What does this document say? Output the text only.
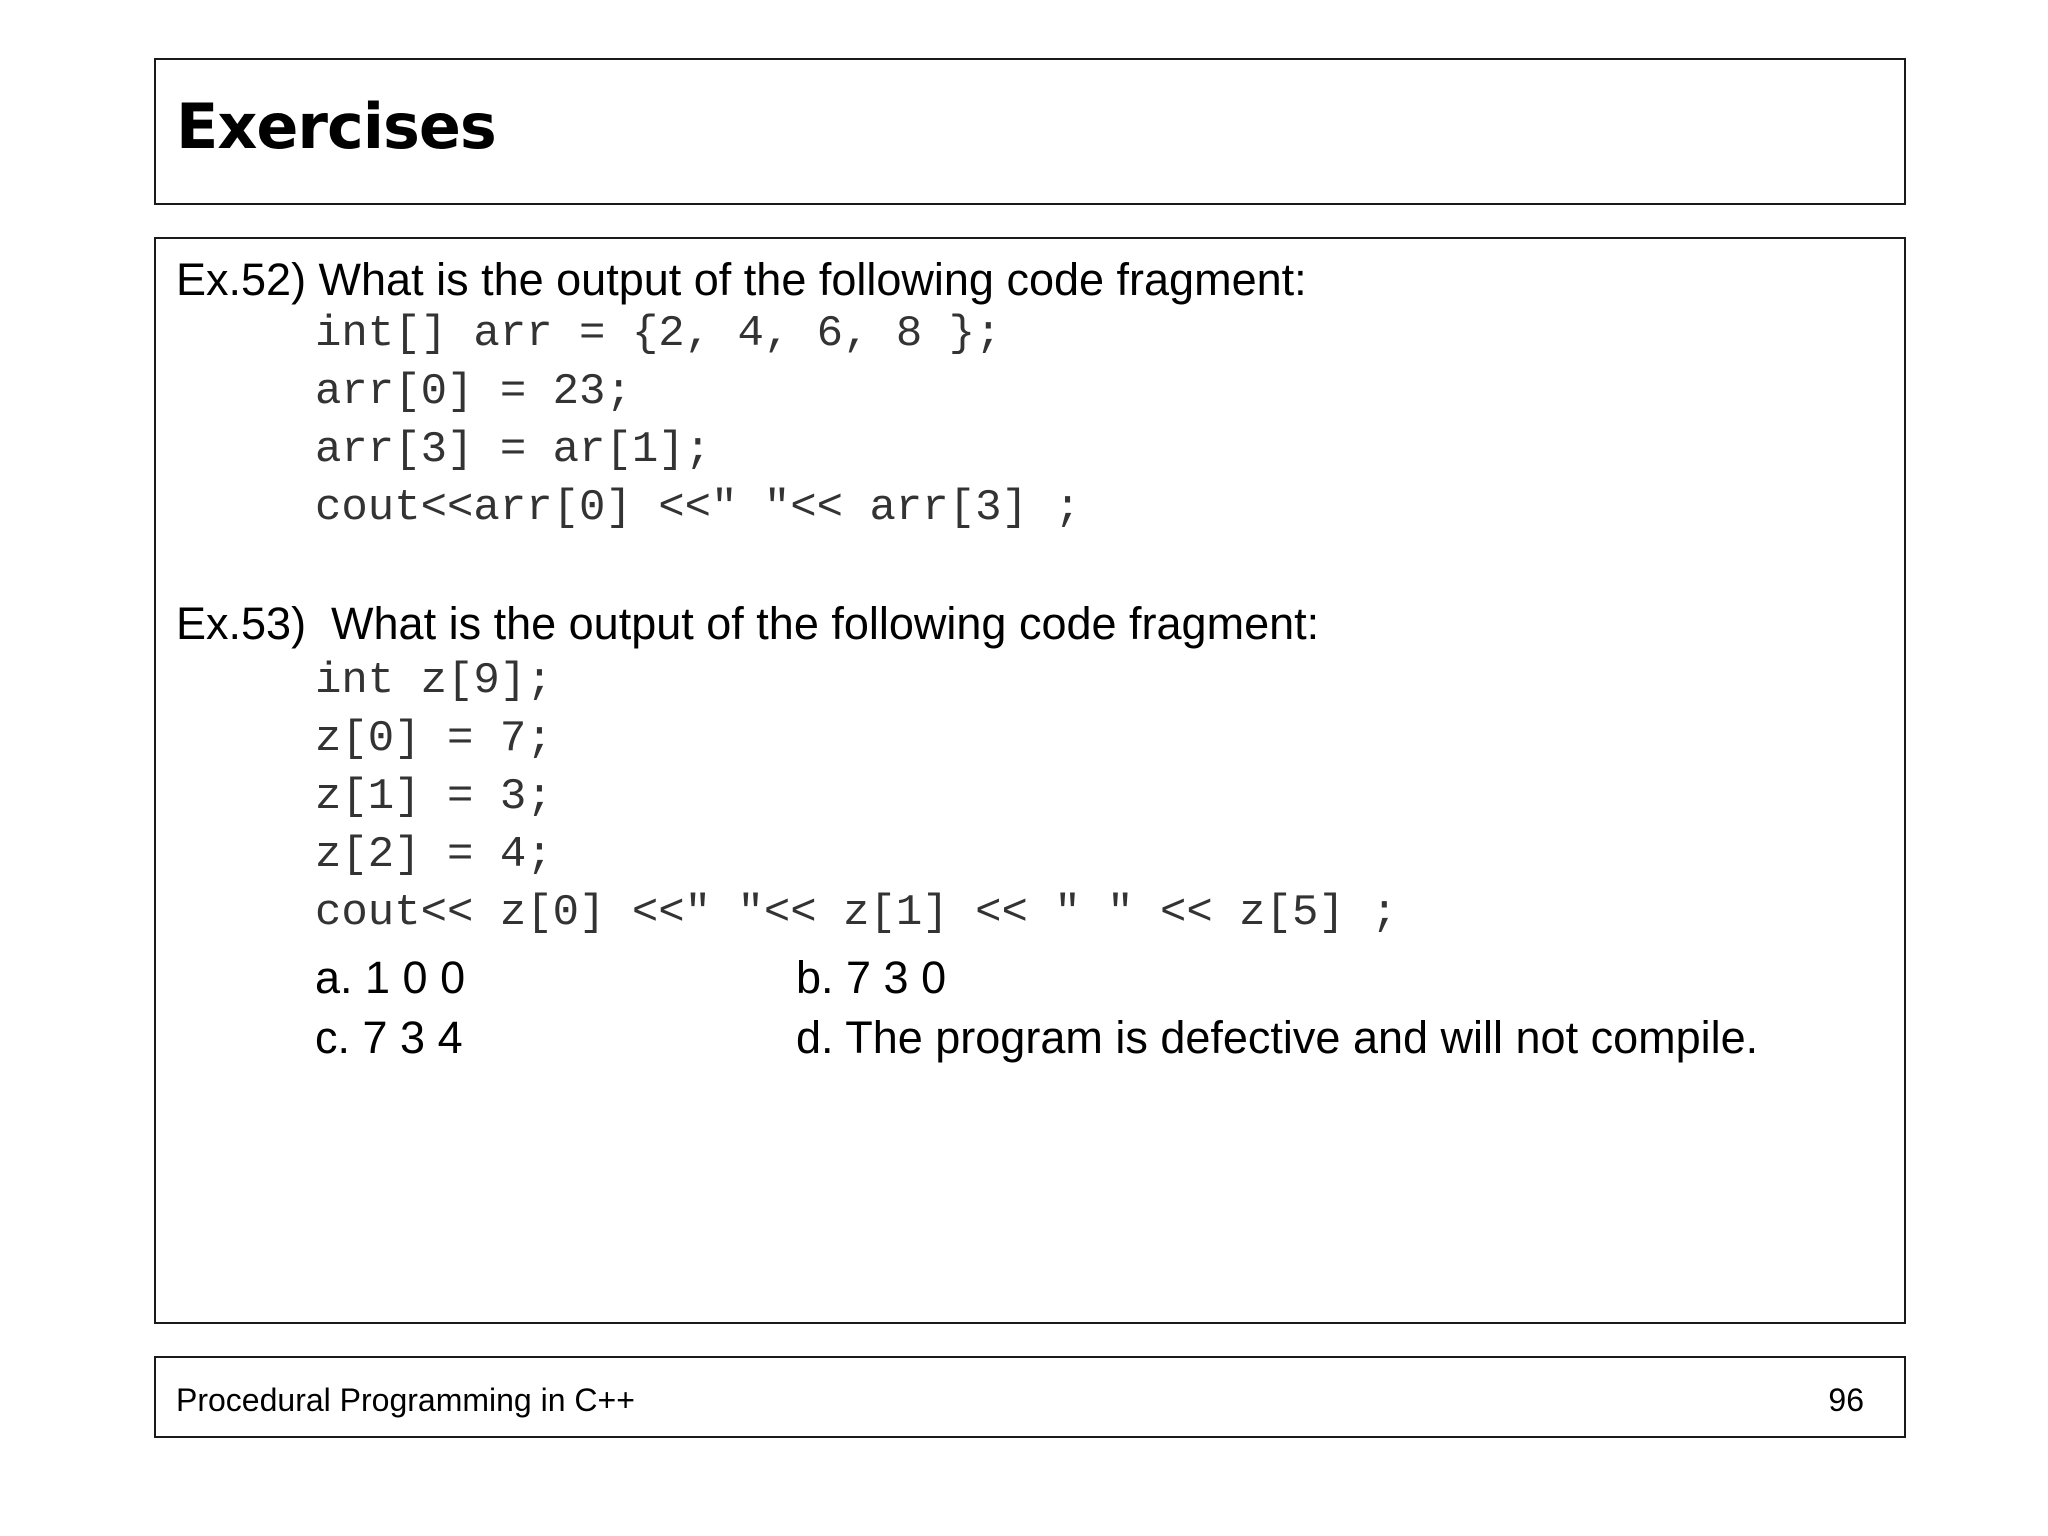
Exercises
Ex.52) What is the output of the following code fragment:
int[] arr = {2, 4, 6, 8 };
arr[0] = 23;
arr[3] = ar[1];
cout<<arr[0] <<" "<< arr[3] ;
Ex.53)  What is the output of the following code fragment:
int z[9];
z[0] = 7;
z[1] = 3;
z[2] = 4;
cout<< z[0] <<" "<< z[1] << " " << z[5] ;
a. 1 0 0	b. 7 3 0
c. 7 3 4	d. The program is defective and will not compile.
Procedural Programming in C++	96
